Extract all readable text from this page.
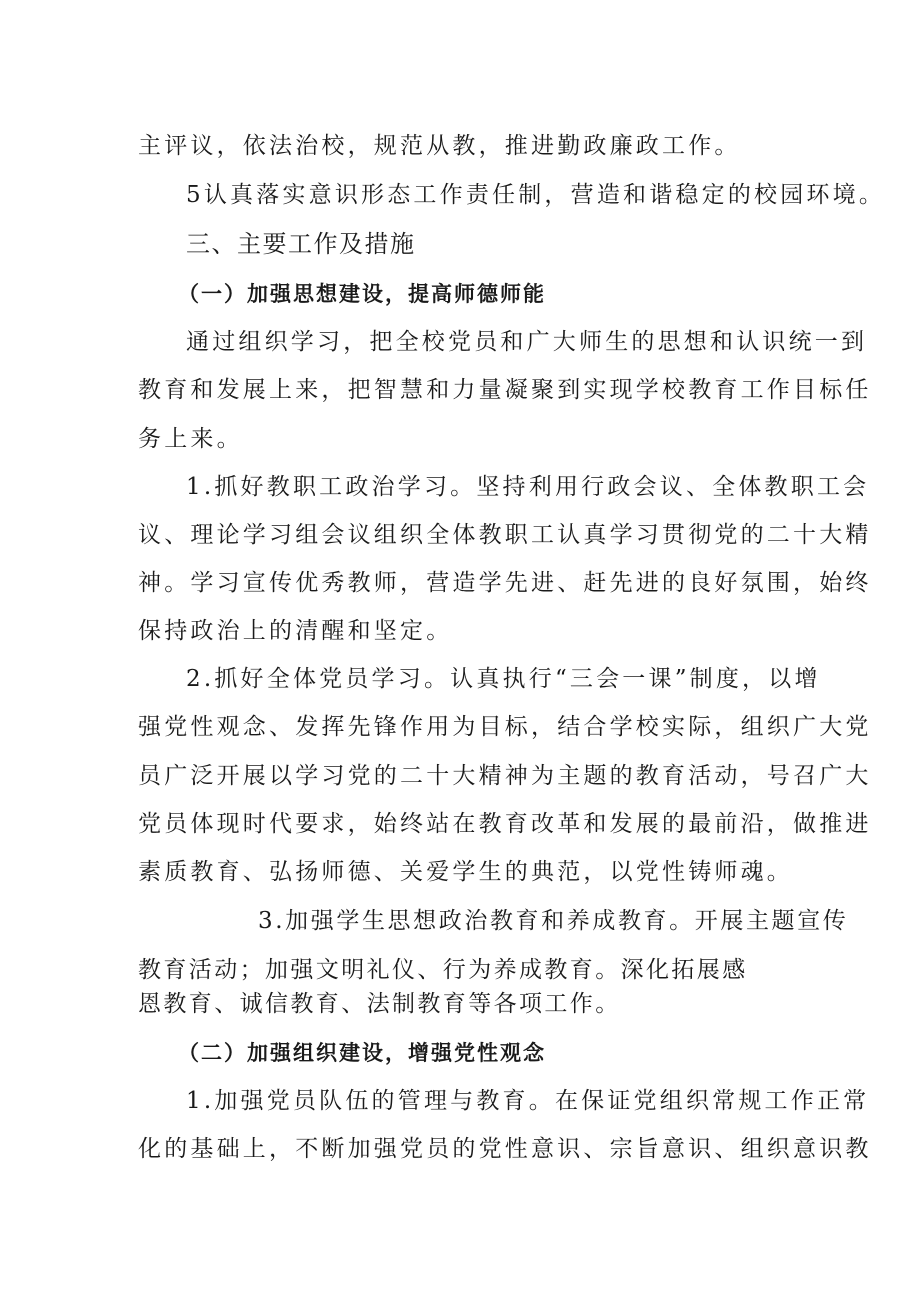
主评议，依法治校，规范从教，推进勤政廉政工作。
5认真落实意识形态工作责任制，营造和谐稳定的校园环境。
三、主要工作及措施
（一）加强思想建设，提高师德师能
通过组织学习，把全校党员和广大师生的思想和认识统一到
教育和发展上来，把智慧和力量凝聚到实现学校教育工作目标任
务上来。
1.抓好教职工政治学习。坚持利用行政会议、全体教职工会
议、理论学习组会议组织全体教职工认真学习贯彻党的二十大精
神。学习宣传优秀教师，营造学先进、赶先进的良好氛围，始终
保持政治上的清醒和坚定。
2.抓好全体党员学习。认真执行“三会一课”制度，以增
强党性观念、发挥先锋作用为目标，结合学校实际，组织广大党
员广泛开展以学习党的二十大精神为主题的教育活动，号召广大
党员体现时代要求，始终站在教育改革和发展的最前沿，做推进
素质教育、弘扬师德、关爱学生的典范，以党性铸师魂。
3.加强学生思想政治教育和养成教育。开展主题宣传
教育活动；加强文明礼仪、行为养成教育。深化拓展感
恩教育、诚信教育、法制教育等各项工作。
（二）加强组织建设，增强党性观念
1.加强党员队伍的管理与教育。在保证党组织常规工作正常
化的基础上，不断加强党员的党性意识、宗旨意识、组织意识教
